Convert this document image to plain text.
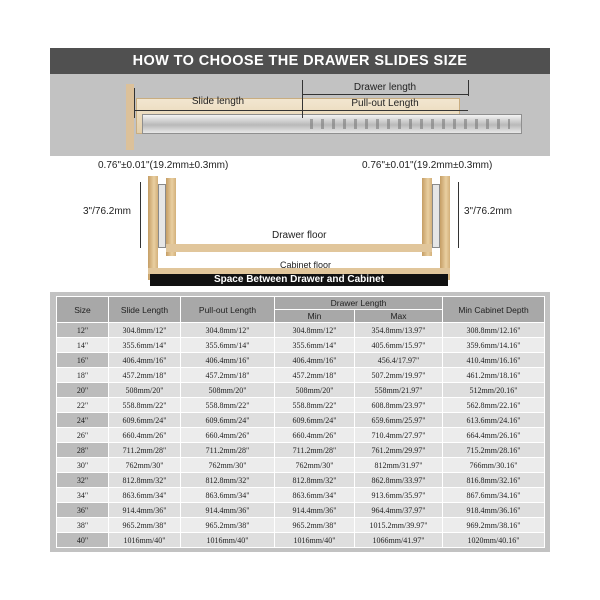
HOW TO CHOOSE THE DRAWER SLIDES SIZE
Slide length
Drawer length
Pull-out Length
0.76"±0.01"(19.2mm±0.3mm)	0.76"±0.01"(19.2mm±0.3mm)
3"/76.2mm	3"/76.2mm
Drawer floor
Cabinet floor
Space Between Drawer and Cabinet
Size	Slide Length	Pull-out Length	Drawer Length		Min Cabinet Depth
			Min	Max	
12"	304.8mm/12"	304.8mm/12"	304.8mm/12"	354.8mm/13.97"	308.8mm/12.16"
14"	355.6mm/14"	355.6mm/14"	355.6mm/14"	405.6mm/15.97"	359.6mm/14.16"
16"	406.4mm/16"	406.4mm/16"	406.4mm/16"	456.4/17.97"	410.4mm/16.16"
18"	457.2mm/18"	457.2mm/18"	457.2mm/18"	507.2mm/19.97"	461.2mm/18.16"
20"	508mm/20"	508mm/20"	508mm/20"	558mm/21.97"	512mm/20.16"
22"	558.8mm/22"	558.8mm/22"	558.8mm/22"	608.8mm/23.97"	562.8mm/22.16"
24"	609.6mm/24"	609.6mm/24"	609.6mm/24"	659.6mm/25.97"	613.6mm/24.16"
26"	660.4mm/26"	660.4mm/26"	660.4mm/26"	710.4mm/27.97"	664.4mm/26.16"
28"	711.2mm/28"	711.2mm/28"	711.2mm/28"	761.2mm/29.97"	715.2mm/28.16"
30"	762mm/30"	762mm/30"	762mm/30"	812mm/31.97"	766mm/30.16"
32"	812.8mm/32"	812.8mm/32"	812.8mm/32"	862.8mm/33.97"	816.8mm/32.16"
34"	863.6mm/34"	863.6mm/34"	863.6mm/34"	913.6mm/35.97"	867.6mm/34.16"
36"	914.4mm/36"	914.4mm/36"	914.4mm/36"	964.4mm/37.97"	918.4mm/36.16"
38"	965.2mm/38"	965.2mm/38"	965.2mm/38"	1015.2mm/39.97"	969.2mm/38.16"
40"	1016mm/40"	1016mm/40"	1016mm/40"	1066mm/41.97"	1020mm/40.16"
